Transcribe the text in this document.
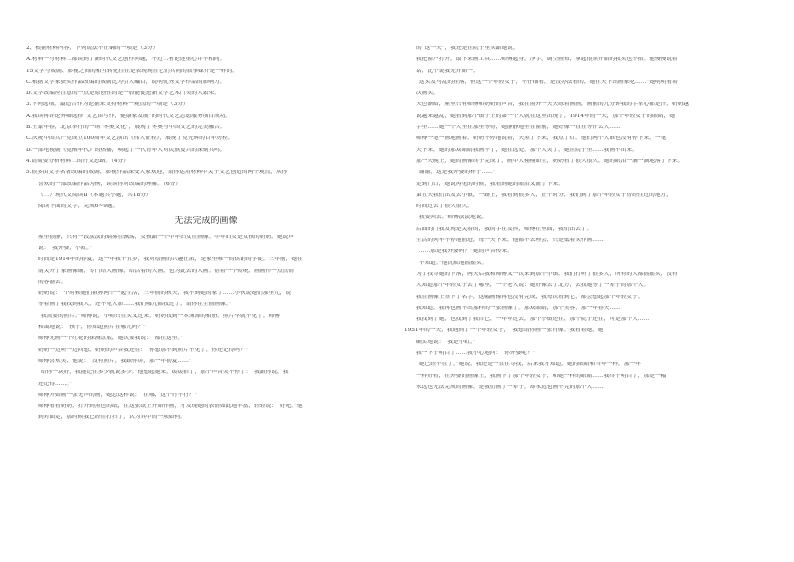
2、根据材料内容，下列说法不正确的一项是（3分）

A.材料一与材料二都谈到了新时代文艺创作问题，不过二者论述重心并不相同。

15文学与戏剧、影视之间的相互转化往往是表现现在它们共同的叙事媒介是一样的。

C.根据文学家获奖作品改编的戏剧比为引人瞩目，说明优秀文学作品的影响力。

D.文学改编应注意的一点是原创性的是一股能促进新文学艺术门类的大繁荣。

3.下列选项，最适合作为论据来支持材料一观点的一项是（3分）

A.我读再评论弃卿选择“文艺由写作，健康家发展”的时代文艺志愿服务项目成功。

B.王蒙年春，北京举行的一场“冬奥文化”，展现了冬奥与中国文艺的完美融合。

C.庆祝中国共产党成立100周年文艺演出《伟大征程》，展现了党光辉的百年历程。

D.一部电视剧《觉醒年代》的热播，唤起了一代青年人对民族复兴的深刻共鸣。

4.请简要分析材料二的行文思路。（4分）

5.很多由文学名著改编的戏剧、影视作品深受大家欢迎，请你运用材料中关于文艺创造的两个观点，从你

喜欢的一部改编作品为例，谈谈你对改编的理解。（6分）

（二）现代文阅读Ⅱ（本题共小题，共18分）

阅读下面的文字，完成6~9题。

无法完成的画像

屋里很静，只有一段淡淡的烟雾在飘荡，女孩跟一个中年妇女在画像。中年妇女是女孩的奶奶，她说声

说：“我外婆，小虹。”

时间是1914年的春夏，这一年我十五岁，我对绘画的兴趣正浓，是家里唯一的供销的学徒。三年前，她在

南关开了家画像铺，专门给人画像，给活着的人画，也为此去的人画。借着一个传统，画画作一点点情

的容器去。

奶奶说：“个时候她们祖孙两个一起生活，三年前的秋天，我不到她的家了……小伙说她们那里儿，说

等着画了我找到我人，还不见人影……我们哪儿都找过了，请你在生前画像。”

“我需要的照片。”师傅说，小师只在头叉过来。奶奶找到一本簿簿的相册。照片早就不见了。师傅

和蔼地说：“孩子，你知道照片在哪儿吗？”

师傅先画一个红花的探测盘底，她次要我说：“都在这里。”

奶奶一边听一边回想，奶奶的声音我还在：“你想那不到照片不见了，你还记得吗？”

师傅喜欢笑，他说：“没有照片，我跟你讲，那一年初夏……”

“给你一块好，我能记住多少就说多少。”他想起她来，缓缓抬了，那个声音哭不停了：“我跟你说，我

还记得……。”

师傅开始画一张无声的画，她总这样说：“在哪，这个行不行？”

师傅看看奶奶，打开到黑色的纸，在这张纸上开始作画，才发现她的表情如此地丰富，轻轻说：“好吧。”他

到对面走，那时候我已经在打扫了，认为其中的一项如何。

的“这一天”，我还是在院子里头跟她说。

我把窗户打开，取下来画工具……师傅起身，净手，调空画布，拿起很黑开始的我头也不抬。他慢慢说着

话，比个说我先开始一。

“这头发马乱的挂落，但这一个年轻女子，不仔细看，是没办法看的，她在天下出画家吃……”她明明看着

次画头。

天色渐暗，屋里只有师傅和奶奶的声音，我在窗外一天天练着画画，画前的几分钟我的手掌心都是汗，奶奶越

说越来越乱，她看到那个镇子上的第一个人就在这里出现了，1914年的一天，那个年轻女子的眼睛，她

手里……她一个人坐在那里等待，她静静地坐在窗前，她好像一直在等什么人……

师傅一笔一画地画着，奶奶不停地说着，天黑了下来，我点了灯。他们两个人谁也没有停下来，一笔

天下来，她的那双眼睛我画不了，她在远处，那个人哭了，她在院子里……我画不出来。

那一天晚上，她的画像终于完成了，画中人栩栩如生，奶奶看了很久很久，她的眼泪一滴一滴地落了下来。

“谢谢，这是我外婆的样子……”

走到门口，她说再见的时候，我看到她的眼泪又流了下来。

第五天我们出发去小镇，一路上，我看到很多人，正午时分，我们到了那个年轻女子曾经住过的地方，

时间过去了很久很久。

“我要回去。”师傅淡淡地说。

后面的门我发现是关着的，我的手在发抖，师傅在里面，我们出去了。

生活的列车不停地前进，每一天下来，他都不去理会，只是低着头作画……

“……那是我外婆吗？”她的声音传来。

“不知道。”他沉默地摇摇头。

为了找寻她的下落，两天后我和师傅又一次来到那个小镇。我们打听了很多人，所有的人都摇摇头，没有

人知道那个年轻女子去了哪里，一个老人说：她好像去了北方，去找她等了一辈子的那个人。

我在画像上签下了名字，这幅画像再也没有完成，我每次看到它，都会想起那个年轻女子。

我知道，我再也画不出那样的一张画像了。那双眼睛，那个笑容，那一年春天……

我找到了她，也找到了我自己。一年年过去，那个小镇还在，那个院子还在，可是那个人……

1951年的一天，我遇到了一个年轻女子，“我想请你画一张肖像。”我看着她，她

确实地说：“我是小虹。”

我一下子明白了……我小心地问：“你外婆呢？”

“她已经不在了。”她说，我还是一直在寻找，后来我才知道，她的眼睛和当年一样，那一年

一样好看，在外婆的画像上，我画下了那个年轻女子，和她一样的眼睛……我终于明白了，那是一幅

永远也无法完成的画像。是我们画了一辈子，却永远也画不完的那个人……
